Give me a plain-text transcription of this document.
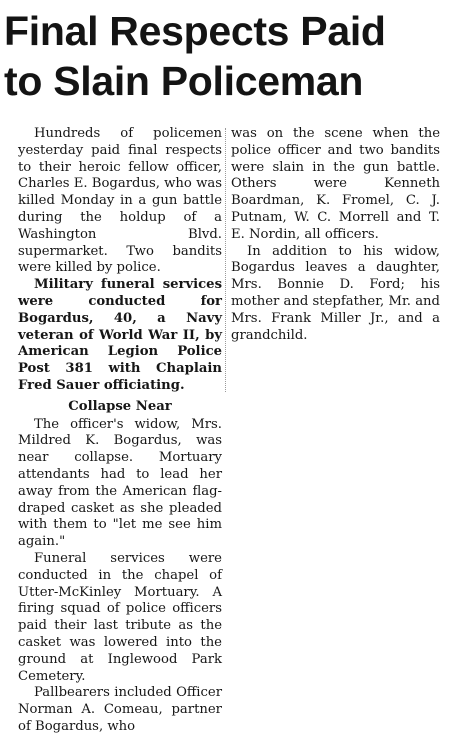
Final Respects Paid
to Slain Policeman

Hundreds of policemen yesterday paid final respects to their heroic fellow officer, Charles E. Bogardus, who was killed Monday in a gun battle during the holdup of a Washington Blvd. supermarket. Two bandits were killed by police.

Military funeral services were conducted for Bogardus, 40, a Navy veteran of World War II, by American Legion Police Post 381 with Chaplain Fred Sauer officiating.

Collapse Near

The officer's widow, Mrs. Mildred K. Bogardus, was near collapse. Mortuary attendants had to lead her away from the American flag-draped casket as she pleaded with them to "let me see him again."

Funeral services were conducted in the chapel of Utter-McKinley Mortuary. A firing squad of police officers paid their last tribute as the casket was lowered into the ground at Inglewood Park Cemetery.

Pallbearers included Officer Norman A. Comeau, partner of Bogardus, who

was on the scene when the police officer and two bandits were slain in the gun battle. Others were Kenneth Boardman, K. Fromel, C. J. Putnam, W. C. Morrell and T. E. Nordin, all officers.

In addition to his widow, Bogardus leaves a daughter, Mrs. Bonnie D. Ford; his mother and stepfather, Mr. and Mrs. Frank Miller Jr., and a grandchild.
